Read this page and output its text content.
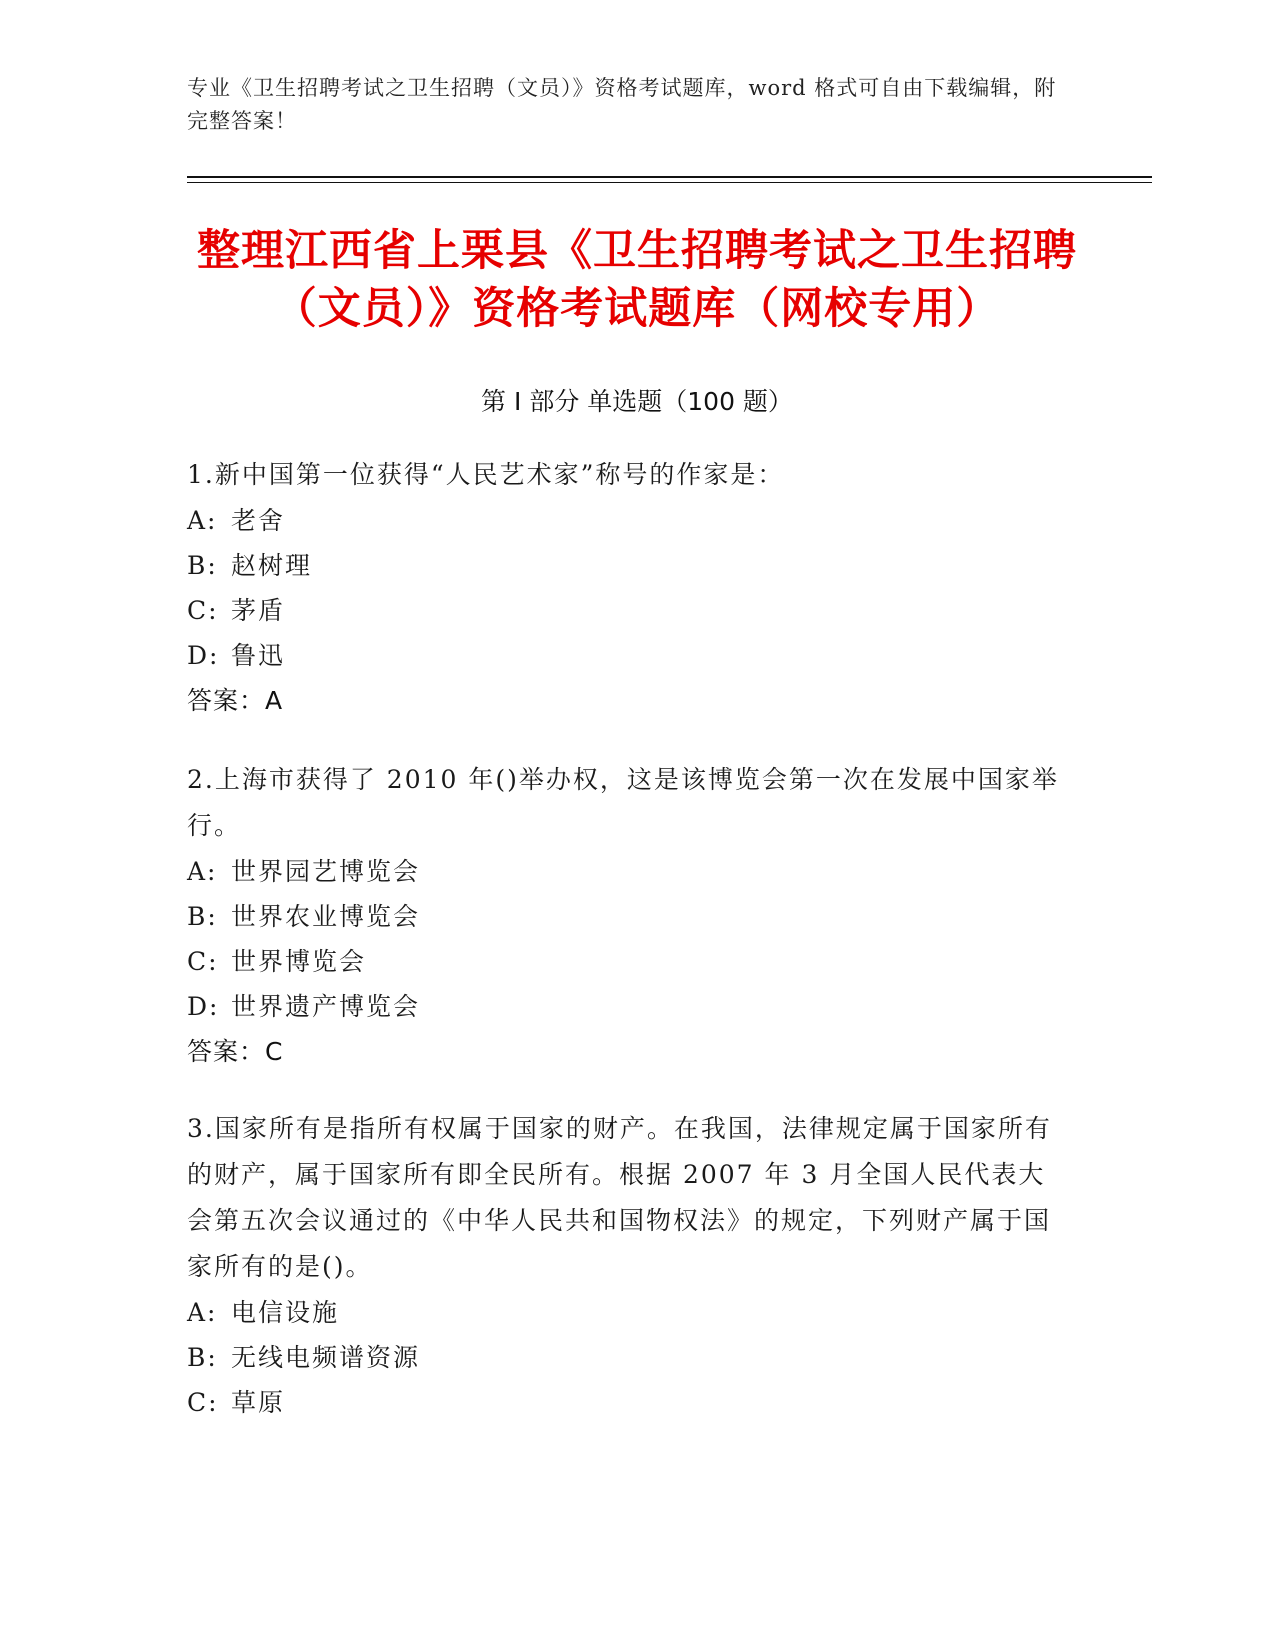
专业《卫生招聘考试之卫生招聘（文员）》资格考试题库，word 格式可自由下载编辑，附完整答案！
整理江西省上栗县《卫生招聘考试之卫生招聘（文员）》资格考试题库（网校专用）
第 I 部分 单选题（100 题）
1.新中国第一位获得“人民艺术家”称号的作家是：
A: 老舍
B: 赵树理
C: 茅盾
D: 鲁迅
答案：A
2.上海市获得了 2010 年()举办权，这是该博览会第一次在发展中国家举行。
A: 世界园艺博览会
B: 世界农业博览会
C: 世界博览会
D: 世界遗产博览会
答案：C
3.国家所有是指所有权属于国家的财产。在我国，法律规定属于国家所有的财产，属于国家所有即全民所有。根据 2007 年 3 月全国人民代表大会第五次会议通过的《中华人民共和国物权法》的规定，下列财产属于国家所有的是()。
A: 电信设施
B: 无线电频谱资源
C: 草原
